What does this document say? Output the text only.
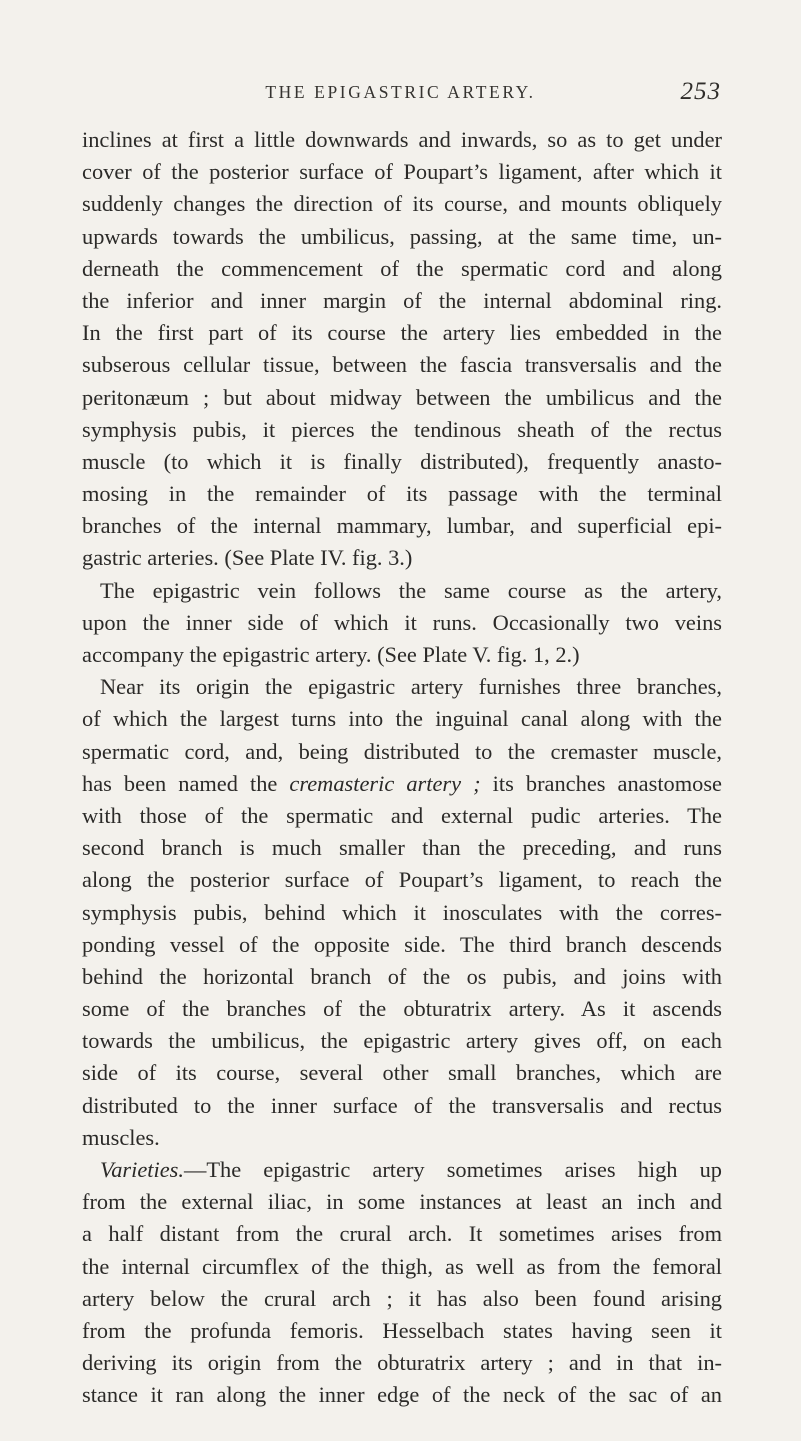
THE EPIGASTRIC ARTERY.	253
inclines at first a little downwards and inwards, so as to get under
cover of the posterior surface of Poupart’s ligament, after which it
suddenly changes the direction of its course, and mounts obliquely
upwards towards the umbilicus, passing, at the same time, un-
derneath the commencement of the spermatic cord and along
the inferior and inner margin of the internal abdominal ring.
In the first part of its course the artery lies embedded in the
subserous cellular tissue, between the fascia transversalis and the
peritonæum ; but about midway between the umbilicus and the
symphysis pubis, it pierces the tendinous sheath of the rectus
muscle (to which it is finally distributed), frequently anasto-
mosing in the remainder of its passage with the terminal
branches of the internal mammary, lumbar, and superficial epi-
gastric arteries. (See Plate IV. fig. 3.)
The epigastric vein follows the same course as the artery,
upon the inner side of which it runs. Occasionally two veins
accompany the epigastric artery. (See Plate V. fig. 1, 2.)
Near its origin the epigastric artery furnishes three branches,
of which the largest turns into the inguinal canal along with the
spermatic cord, and, being distributed to the cremaster muscle,
has been named the cremasteric artery ; its branches anastomose
with those of the spermatic and external pudic arteries. The
second branch is much smaller than the preceding, and runs
along the posterior surface of Poupart’s ligament, to reach the
symphysis pubis, behind which it inosculates with the corres-
ponding vessel of the opposite side. The third branch descends
behind the horizontal branch of the os pubis, and joins with
some of the branches of the obturatrix artery. As it ascends
towards the umbilicus, the epigastric artery gives off, on each
side of its course, several other small branches, which are
distributed to the inner surface of the transversalis and rectus
muscles.
Varieties.—The epigastric artery sometimes arises high up
from the external iliac, in some instances at least an inch and
a half distant from the crural arch. It sometimes arises from
the internal circumflex of the thigh, as well as from the femoral
artery below the crural arch ; it has also been found arising
from the profunda femoris. Hesselbach states having seen it
deriving its origin from the obturatrix artery ; and in that in-
stance it ran along the inner edge of the neck of the sac of an
